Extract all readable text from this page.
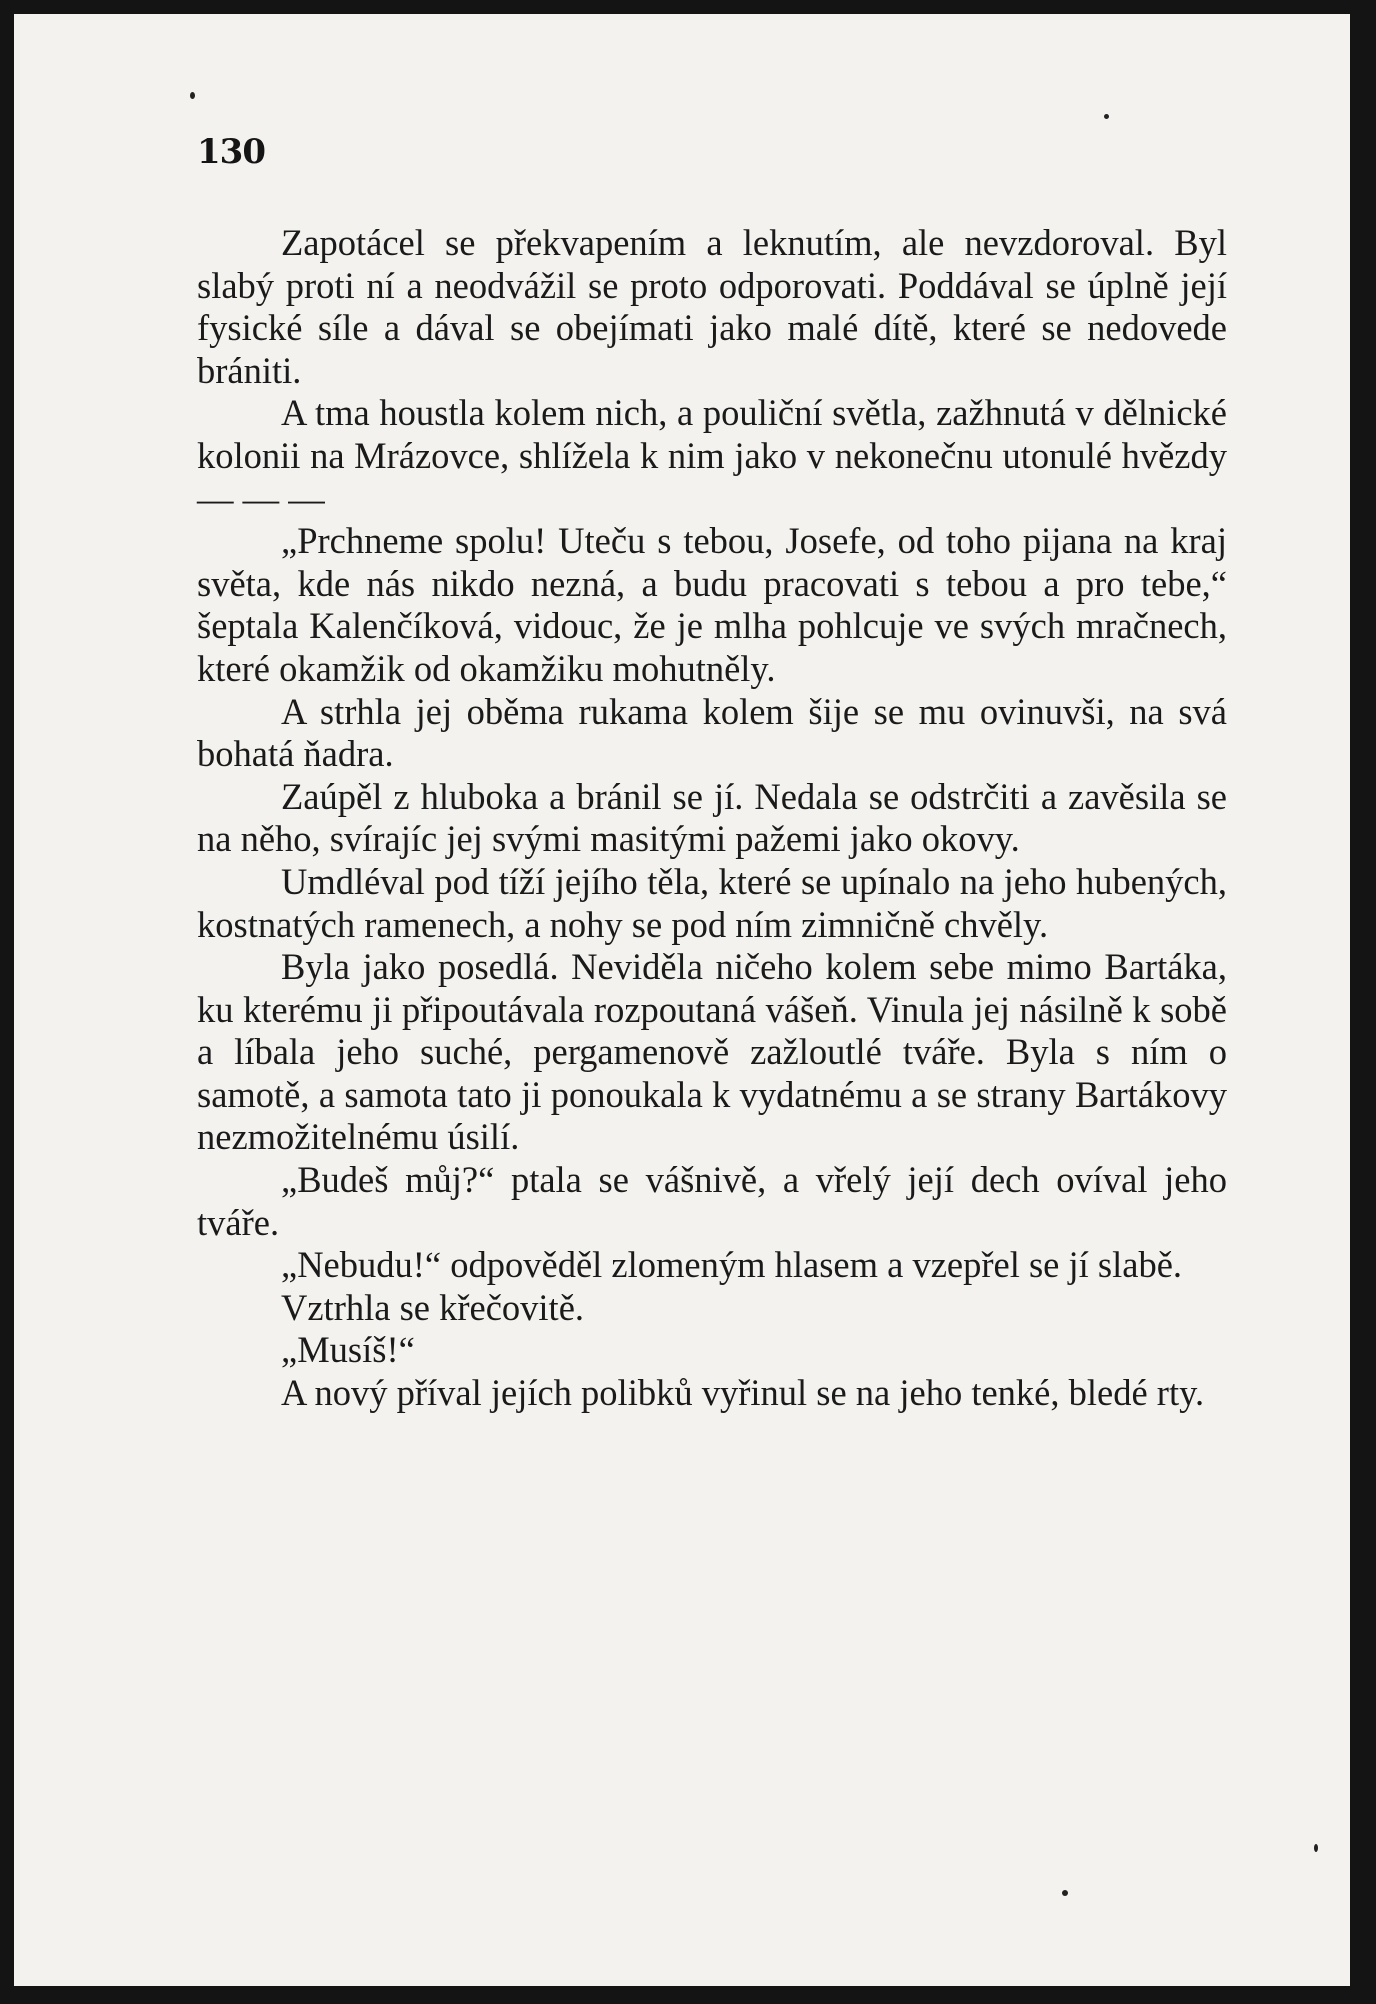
130

Zapotácel se překvapením a leknutím, ale nevzdoroval. Byl slabý proti ní a neodvážil se proto odporovati. Poddával se úplně její fysické síle a dával se obejímati jako malé dítě, které se nedovede brániti.

A tma houstla kolem nich, a pouliční světla, zažhnutá v dělnické kolonii na Mrázovce, shlížela k nim jako v nekonečnu utonulé hvězdy — — —

„Prchneme spolu! Uteču s tebou, Josefe, od toho pijana na kraj světa, kde nás nikdo nezná, a budu pracovati s tebou a pro tebe,“ šeptala Kalenčíková, vidouc, že je mlha pohlcuje ve svých mračnech, které okamžik od okamžiku mohutněly.

A strhla jej oběma rukama kolem šije se mu ovinuvši, na svá bohatá ňadra.

Zaúpěl z hluboka a bránil se jí. Nedala se odstrčiti a zavěsila se na něho, svírajíc jej svými masitými pažemi jako okovy.

Umdléval pod tíží jejího těla, které se upínalo na jeho hubených, kostnatých ramenech, a nohy se pod ním zimničně chvěly.

Byla jako posedlá. Neviděla ničeho kolem sebe mimo Bartáka, ku kterému ji připoutávala rozpoutaná vášeň. Vinula jej násilně k sobě a líbala jeho suché, pergamenově zažloutlé tváře. Byla s ním o samotě, a samota tato ji ponoukala k vydatnému a se strany Bartákovy nezmožitelnému úsilí.

„Budeš můj?“ ptala se vášnivě, a vřelý její dech ovíval jeho tváře.

„Nebudu!“ odpověděl zlomeným hlasem a vzepřel se jí slabě.

Vztrhla se křečovitě.

„Musíš!“

A nový příval jejích polibků vyřinul se na jeho tenké, bledé rty.
